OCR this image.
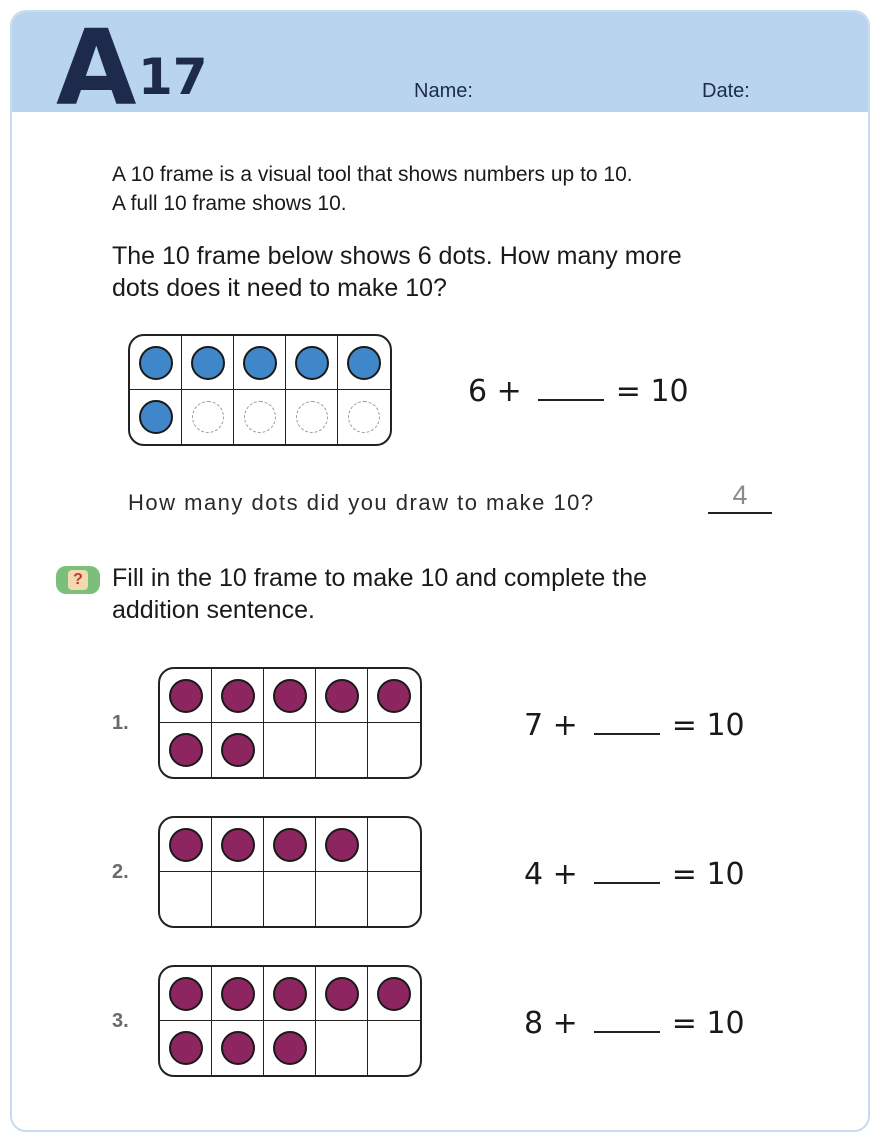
A 17	Name:	Date:
A 10 frame is a visual tool that shows numbers up to 10.
A full 10 frame shows 10.
The 10 frame below shows 6 dots. How many more
dots does it need to make 10?
6 +	= 10
How many dots did you draw to make 10?	4
? Fill in the 10 frame to make 10 and complete the
addition sentence.
1.	7 +	= 10
2.	4 +	= 10
3.	8 +	= 10
